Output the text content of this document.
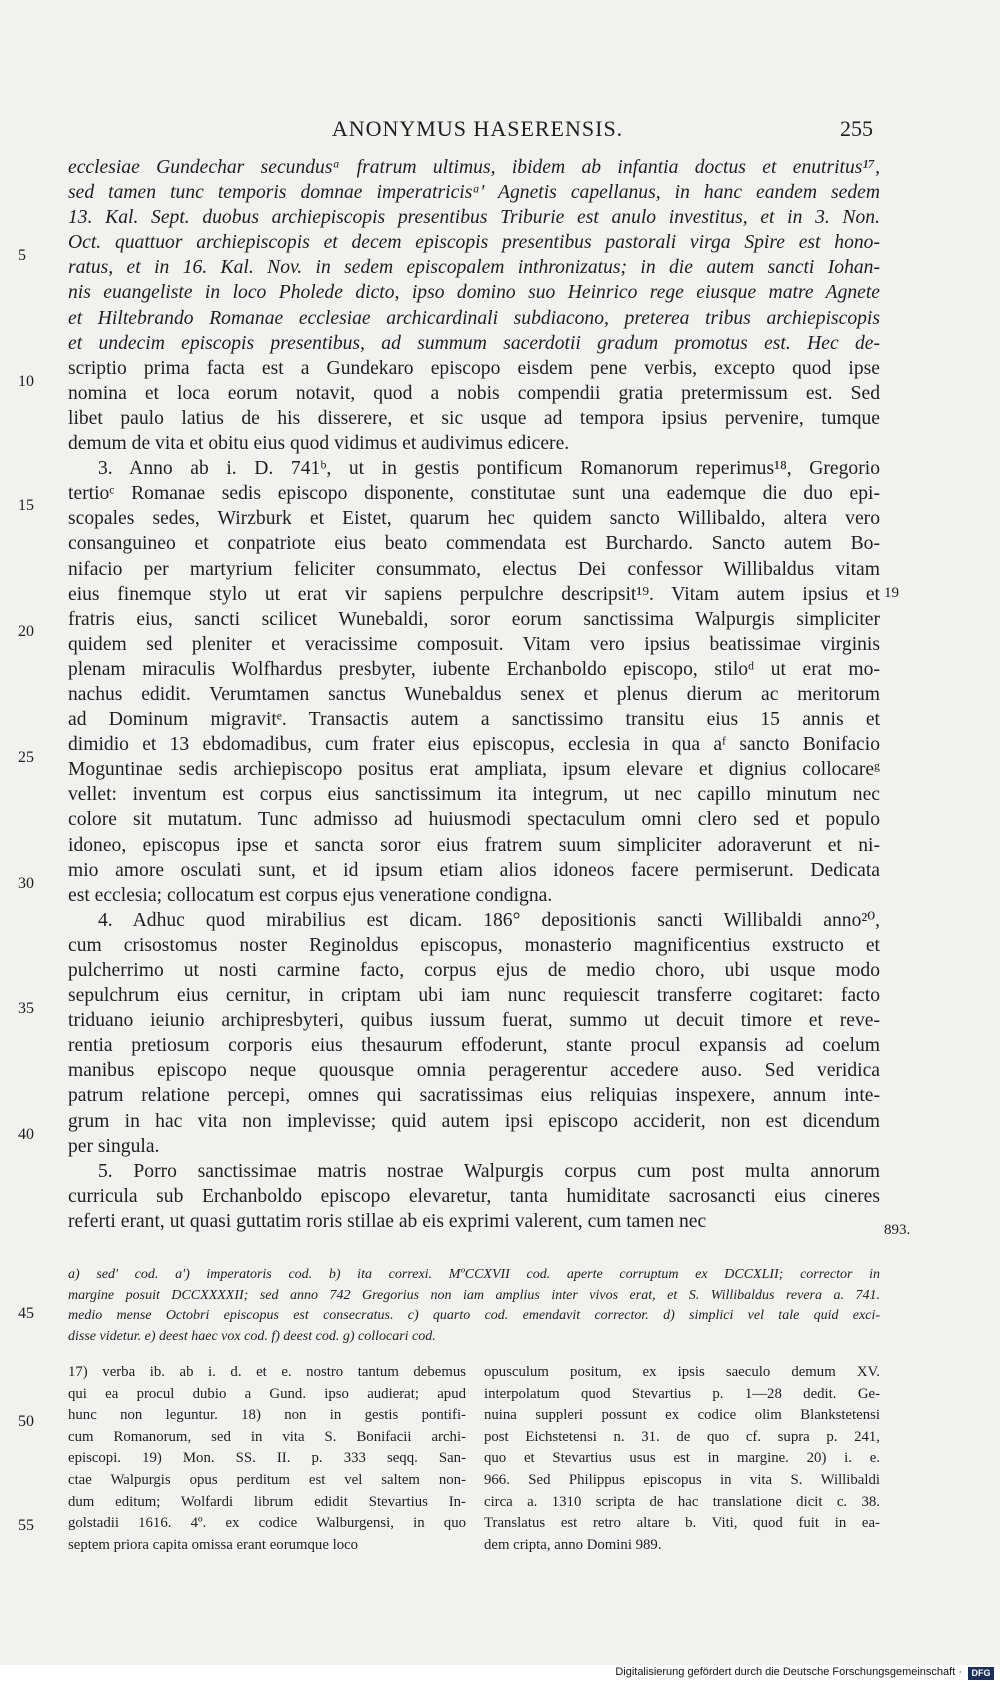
ANONYMUS HASERENSIS.	255
ecclesiae Gundechar secundusᵃ fratrum ultimus, ibidem ab infantia doctus et enutritus¹⁷,
sed tamen tunc temporis domnae imperatricisᵃ' Agnetis capellanus, in hanc eandem sedem
13. Kal. Sept. duobus archiepiscopis presentibus Triburie est anulo investitus, et in 3. Non.
Oct. quattuor archiepiscopis et decem episcopis presentibus pastorali virga Spire est hono-
ratus, et in 16. Kal. Nov. in sedem episcopalem inthronizatus; in die autem sancti Iohan-
nis euangeliste in loco Pholede dicto, ipso domino suo Heinrico rege eiusque matre Agnete
et Hiltebrando Romanae ecclesiae archicardinali subdiacono, preterea tribus archiepiscopis
et undecim episcopis presentibus, ad summum sacerdotii gradum promotus est. Hec de-
scriptio prima facta est a Gundekaro episcopo eisdem pene verbis, excepto quod ipse
nomina et loca eorum notavit, quod a nobis compendii gratia pretermissum est. Sed
libet paulo latius de his disserere, et sic usque ad tempora ipsius pervenire, tumque
demum de vita et obitu eius quod vidimus et audivimus edicere.
3. Anno ab i. D. 741ᵇ, ut in gestis pontificum Romanorum reperimus¹⁸, Gregorio
tertioᶜ Romanae sedis episcopo disponente, constitutae sunt una eademque die duo epi-
scopales sedes, Wirzburk et Eistet, quarum hec quidem sancto Willibaldo, altera vero
consanguineo et conpatriote eius beato commendata est Burchardo. Sancto autem Bo-
nifacio per martyrium feliciter consummato, electus Dei confessor Willibaldus vitam
eius finemque stylo ut erat vir sapiens perpulchre descripsit¹⁹. Vitam autem ipsius et
fratris eius, sancti scilicet Wunebaldi, soror eorum sanctissima Walpurgis simpliciter
quidem sed pleniter et veracissime composuit. Vitam vero ipsius beatissimae virginis
plenam miraculis Wolfhardus presbyter, iubente Erchanboldo episcopo, stiloᵈ ut erat mo-
nachus edidit. Verumtamen sanctus Wunebaldus senex et plenus dierum ac meritorum
ad Dominum migravitᵉ. Transactis autem a sanctissimo transitu eius 15 annis et
dimidio et 13 ebdomadibus, cum frater eius episcopus, ecclesia in qua aᶠ sancto Bonifacio
Moguntinae sedis archiepiscopo positus erat ampliata, ipsum elevare et dignius collocareᵍ
vellet: inventum est corpus eius sanctissimum ita integrum, ut nec capillo minutum nec
colore sit mutatum. Tunc admisso ad huiusmodi spectaculum omni clero sed et populo
idoneo, episcopus ipse et sancta soror eius fratrem suum simpliciter adoraverunt et ni-
mio amore osculati sunt, et id ipsum etiam alios idoneos facere permiserunt. Dedicata
est ecclesia; collocatum est corpus ejus veneratione condigna.
4. Adhuc quod mirabilius est dicam. 186° depositionis sancti Willibaldi anno²⁰,
cum crisostomus noster Reginoldus episcopus, monasterio magnificentius exstructo et
pulcherrimo ut nosti carmine facto, corpus ejus de medio choro, ubi usque modo
sepulchrum eius cernitur, in criptam ubi iam nunc requiescit transferre cogitaret: facto
triduano ieiunio archipresbyteri, quibus iussum fuerat, summo ut decuit timore et reve-
rentia pretiosum corporis eius thesaurum effoderunt, stante procul expansis ad coelum
manibus episcopo neque quousque omnia peragerentur accedere auso. Sed veridica
patrum relatione percepi, omnes qui sacratissimas eius reliquias inspexere, annum inte-
grum in hac vita non implevisse; quid autem ipsi episcopo acciderit, non est dicendum
per singula.
5. Porro sanctissimae matris nostrae Walpurgis corpus cum post multa annorum
curricula sub Erchanboldo episcopo elevaretur, tanta humiditate sacrosancti eius cineres
referti erant, ut quasi guttatim roris stillae ab eis exprimi valerent, cum tamen nec
5
10
15
20
25
30
35
40
45
50
55
19
893.
a) sed' cod. a') imperatoris cod. b) ita correxi. MºCCXVII cod. aperte corruptum ex DCCXLII; corrector in
margine posuit DCCXXXXII; sed anno 742 Gregorius non iam amplius inter vivos erat, et S. Willibaldus revera a. 741.
medio mense Octobri episcopus est consecratus. c) quarto cod. emendavit corrector. d) simplici vel tale quid exci-
disse videtur. e) deest haec vox cod. f) deest cod. g) collocari cod.
17) verba ib. ab i. d. et e. nostro tantum debemus
qui ea procul dubio a Gund. ipso audierat; apud
hunc non leguntur. 18) non in gestis pontifi-
cum Romanorum, sed in vita S. Bonifacii archi-
episcopi. 19) Mon. SS. II. p. 333 seqq. San-
ctae Walpurgis opus perditum est vel saltem non-
dum editum; Wolfardi librum edidit Stevartius In-
golstadii 1616. 4º. ex codice Walburgensi, in quo
septem priora capita omissa erant eorumque loco
opusculum positum, ex ipsis saeculo demum XV.
interpolatum quod Stevartius p. 1—28 dedit. Ge-
nuina suppleri possunt ex codice olim Blankstetensi
post Eichstetensi n. 31. de quo cf. supra p. 241,
quo et Stevartius usus est in margine. 20) i. e.
966. Sed Philippus episcopus in vita S. Willibaldi
circa a. 1310 scripta de hac translatione dicit c. 38.
Translatus est retro altare b. Viti, quod fuit in ea-
dem cripta, anno Domini 989.
Digitalisierung gefördert durch die Deutsche Forschungsgemeinschaft ·	DFG
